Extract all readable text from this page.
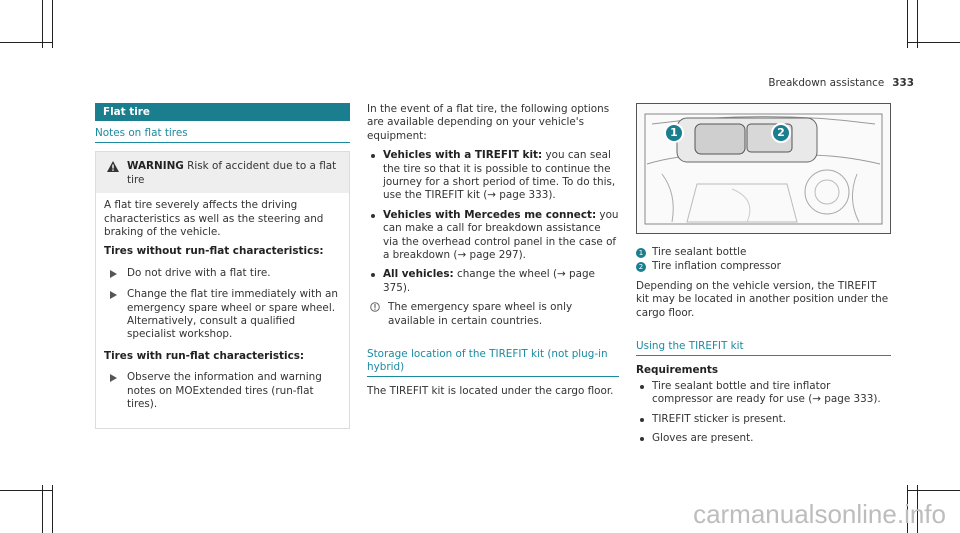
Breakdown assistance 333
Flat tire
Notes on flat tires
WARNING Risk of accident due to a flat tire

A flat tire severely affects the driving characteristics as well as the steering and braking of the vehicle.

Tires without run-flat characteristics:
Do not drive with a flat tire.
Change the flat tire immediately with an emergency spare wheel or spare wheel. Alternatively, consult a qualified specialist workshop.
Tires with run-flat characteristics:
Observe the information and warning notes on MOExtended tires (run-flat tires).

In the event of a flat tire, the following options are available depending on your vehicle's equipment:

Vehicles with a TIREFIT kit: you can seal the tire so that it is possible to continue the journey for a short period of time. To do this, use the TIREFIT kit (→ page 333).
Vehicles with Mercedes me connect: you can make a call for breakdown assistance via the overhead control panel in the case of a breakdown (→ page 297).
All vehicles: change the wheel (→ page 375).
The emergency spare wheel is only available in certain countries.
Storage location of the TIREFIT kit (not plug-in hybrid)

The TIREFIT kit is located under the cargo floor.

1	2
1 Tire sealant bottle
2 Tire inflation compressor

Depending on the vehicle version, the TIREFIT kit may be located in another position under the cargo floor.

Using the TIREFIT kit
Requirements
Tire sealant bottle and tire inflator compressor are ready for use (→ page 333).
TIREFIT sticker is present.
Gloves are present.
carmanualsonline.info
